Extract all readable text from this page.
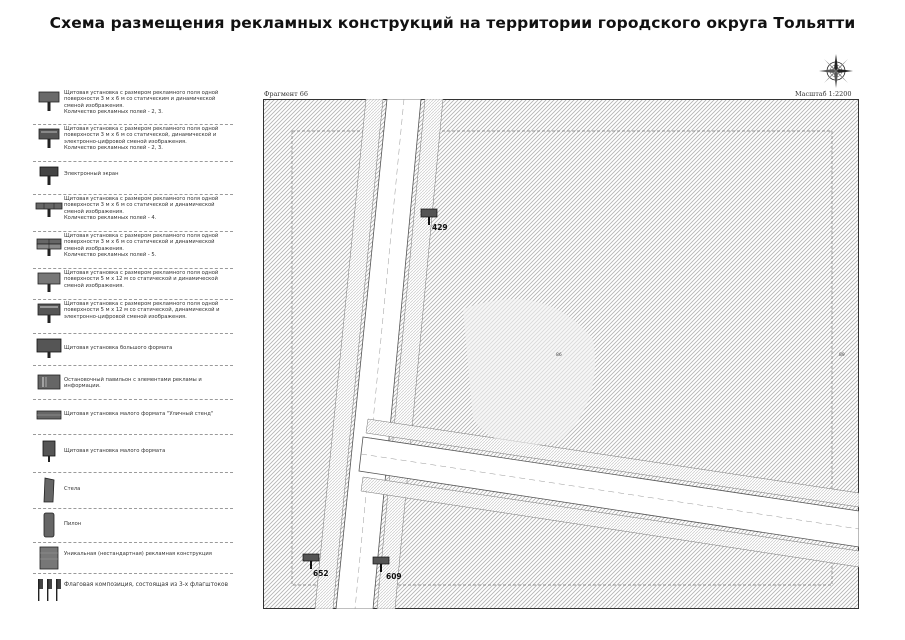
Схема размещения рекламных конструкций на территории городского округа Тольятти
Щитовая установка с размером рекламного поля одной поверхности 3 м х 6 м со статическим и динамической сменой изображения.
Количество рекламных полей - 2, 3.
Щитовая установка с размером рекламного поля одной поверхности 3 м х 6 м со статической, динамической и электронно-цифровой сменой изображения.
Количество рекламных полей - 2, 3.
Электронный экран
Щитовая установка с размером рекламного поля одной поверхности 3 м х 6 м со статической и динамической сменой изображения.
Количество рекламных полей - 4.
Щитовая установка с размером рекламного поля одной поверхности 3 м х 6 м со статической и динамической сменой изображения.
Количество рекламных полей - 5.
Щитовая установка с размером рекламного поля одной поверхности 5 м х 12 м со статической и динамической сменой изображения.
Щитовая установка с размером рекламного поля одной поверхности 5 м х 12 м со статической, динамической и электронно-цифровой сменой изображения.
Щитовая установка большого формата
Остановочный павильон с элементами рекламы и информации.
Щитовая установка малого формата "Уличный стенд"
Щитовая установка малого формата
Стела
Пилон
Уникальная (нестандартная) рекламная конструкция
Флаговая композиция, состоящая из 3-х флагштоков
Фрагмент 66	Масштаб 1:2200
429
652	609
86	89
